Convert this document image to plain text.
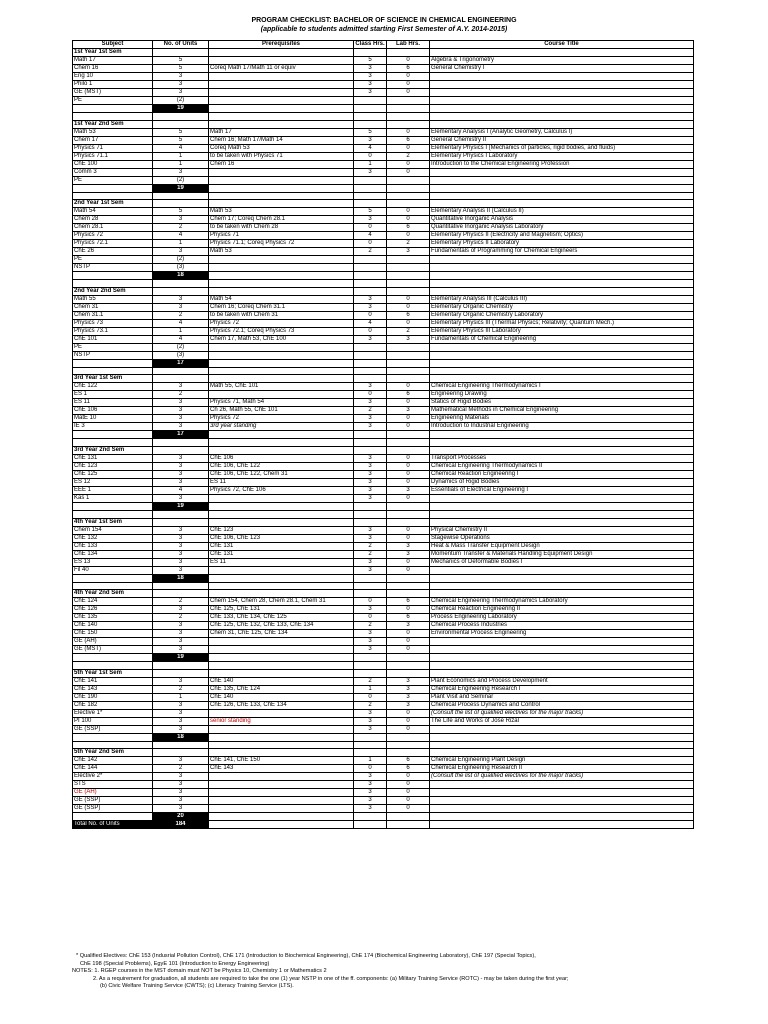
PROGRAM CHECKLIST: BACHELOR OF SCIENCE IN CHEMICAL ENGINEERING
(applicable to students admitted starting First Semester of A.Y. 2014-2015)
Subject	No. of Units	Prerequisites	Class Hrs.	Lab Hrs.	Course Title
1st Year 1st Sem					
Math 17	5		5	0	Algebra & Trigonometry
Chem 16	5	Coreq Math 17/Math 11 or equiv	3	6	General Chemistry I
Eng 10	3		3	0	
Philo 1	3		3	0	
GE (MST)	3		3	0	
PE	(2)				
	19				

1st Year 2nd Sem					
Math 53	5	Math 17	5	0	Elementary Analysis I (Analytic Geometry, Calculus I)
Chem 17	5	Chem 16; Math 17/Math 14	3	6	General Chemistry II
Physics 71	4	Coreq Math 53	4	0	Elementary Physics I (Mechanics of particles, rigid bodies, and fluids)
Physics 71.1	1	to be taken with Physics 71	0	2	Elementary Physics I Laboratory
ChE 100	1	Chem 16	1	0	Introduction to the Chemical Engineering Profession
Comm 3	3		3	0	
PE	(2)				
	19				

2nd Year 1st Sem					
Math 54	5	Math 53	5	0	Elementary Analysis II (Calculus II)
Chem 28	3	Chem 17; Coreq Chem 28.1	3	0	Quantitative Inorganic Analysis
Chem 28.1	2	to be taken with Chem 28	0	6	Quantitative Inorganic Analysis Laboratory
Physics 72	4	Physics 71	4	0	Elementary Physics II (Electricity and Magnetism; Optics)
Physics 72.1	1	Physics 71.1; Coreq Physics 72	0	2	Elementary Physics II Laboratory
ChE 26	3	Math 53	2	3	Fundamentals of Programming for Chemical Engineers
PE	(2)				
NSTP	(3)				
	18				

2nd Year 2nd Sem					
Math 55	3	Math 54	3	0	Elementary Analysis III (Calculus III)
Chem 31	3	Chem 16; Coreq Chem 31.1	3	0	Elementary Organic Chemistry
Chem 31.1	2	to be taken with Chem 31	0	6	Elementary Organic Chemistry Laboratory
Physics 73	4	Physics 72	4	0	Elementary Physics III (Thermal Physics; Relativity; Quantum Mech.)
Physics 73.1	1	Physics 72.1; Coreq Physics 73	0	2	Elementary Physics III Laboratory
ChE 101	4	Chem 17, Math 53, ChE 100	3	3	Fundamentals of Chemical Engineering
PE	(2)				
NSTP	(3)				
	17				

3rd Year 1st Sem					
ChE 122	3	Math 55, ChE 101	3	0	Chemical Engineering Thermodynamics I
ES 1	2		0	6	Engineering Drawing
ES 11	3	Physics 71, Math 54	3	0	Statics of Rigid Bodies
ChE 106	3	Ch 26, Math 55, ChE 101	2	3	Mathematical Methods in Chemical Engineering
MatE 10	3	Physics 72	3	0	Engineering Materials
IE 3	3	3rd year standing	3	0	Introduction to Industrial Engineering
	17				

3rd Year 2nd Sem					
ChE 131	3	ChE 106	3	0	Transport Processes
ChE 123	3	ChE 106, ChE 122	3	0	Chemical Engineering Thermodynamics II
ChE 125	3	ChE 106, ChE 122, Chem 31	3	0	Chemical Reaction Engineering I
ES 12	3	ES 11	3	0	Dynamics of Rigid Bodies
EEE 1	4	Physics 72, ChE 106	3	3	Essentials of Electrical Engineering I
Kas 1	3		3	0	
	19				

4th Year 1st Sem					
Chem 154	3	ChE 123	3	0	Physical Chemistry II
ChE 132	3	ChE 106, ChE 123	3	0	Stagewise Operations
ChE 133	3	ChE 131	2	3	Heat & Mass Transfer Equipment Design
ChE 134	3	ChE 131	2	3	Momentum Transfer & Materials Handling Equipment Design
ES 13	3	ES 11	3	0	Mechanics of Deformable Bodies I
Fil 40	3		3	0	
	18				

4th Year 2nd Sem					
ChE 124	2	Chem 154, Chem 28, Chem 28.1, Chem 31	0	6	Chemical Engineering Thermodynamics Laboratory
ChE 126	3	ChE 125, ChE 131	3	0	Chemical Reaction Engineering II
ChE 135	2	ChE 133, ChE 134, ChE 125	0	6	Process Engineering Laboratory
ChE 140	3	ChE 125, ChE 132, ChE 133, ChE 134	2	3	Chemical Process Industries
ChE 150	3	Chem 31, ChE 125, ChE 134	3	0	Environmental Process Engineering
GE (AH)	3		3	0	
GE (MST)	3		3	0	
	19				

5th Year 1st Sem					
ChE 141	3	ChE 140	2	3	Plant Economics and Process Development
ChE 143	2	ChE 135, ChE 124	1	3	Chemical Engineering Research I
ChE 190	1	ChE 140	0	3	Plant Visit and Seminar
ChE 182	3	ChE 126, ChE 133, ChE 134	2	3	Chemical Process Dynamics and Control
Elective 1*	3		3	0	(Consult the list of qualified electives for the major tracks)
PI 100	3	senior standing	3	0	The Life and Works of Jose Rizal
GE (SSP)	3		3	0	
	18				

5th Year 2nd Sem					
ChE 142	3	ChE 141, ChE 150	1	6	Chemical Engineering Plant Design
ChE 144	2	ChE 143	0	6	Chemical Engineering Research II
Elective 2*	3		3	0	(Consult the list of qualified electives for the major tracks)
STS	3		3	0	
GE (AH)	3		3	0	
GE (SSP)	3		3	0	
GE (SSP)	3		3	0	
	20				
Total No. of Units	184				
* Qualified Electives: ChE 153 (Indusrial Pollution Control), ChE 171 (Introduction to Biochemical Engineering), ChE 174 (Biochemical Engineering Laboratory), ChE 197 (Special Topics),
ChE 198 (Special Problems), EgyE 101 (Introduction to Energy Engineering)
NOTES: 1. RGEP courses in the MST domain must NOT be Physics 10, Chemistry 1 or Mathematics 2
2. As a requirement for graduation, all students are required to take the one (1) year NSTP in one of the ff. components: (a) Military Training Service (ROTC) - may be taken during the first year;
(b) Civic Welfare Training Service (CWTS); (c) Literacy Training Service (LTS).
